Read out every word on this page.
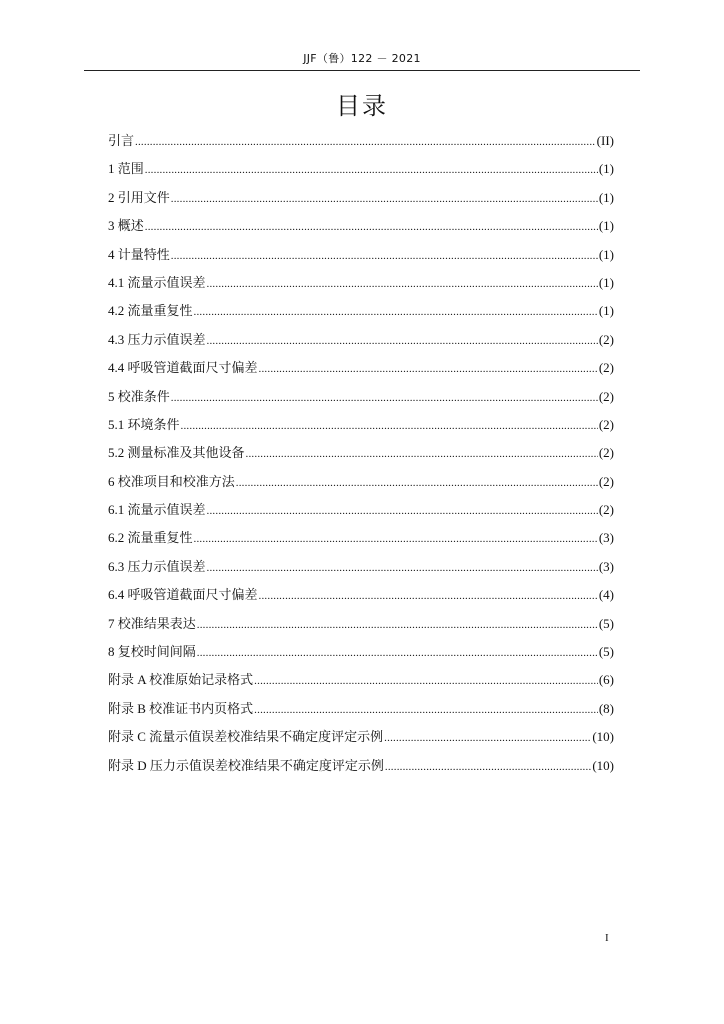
JJF（鲁）122 － 2021
目录
引言 .....	(II)
1 范围 .....	(1)
2 引用文件 .....	(1)
3 概述 .....	(1)
4 计量特性 .....	(1)
4.1 流量示值误差 .....	(1)
4.2 流量重复性 .....	(1)
4.3 压力示值误差 .....	(2)
4.4 呼吸管道截面尺寸偏差 .....	(2)
5 校准条件 .....	(2)
5.1 环境条件 .....	(2)
5.2 测量标准及其他设备 .....	(2)
6 校准项目和校准方法 .....	(2)
6.1 流量示值误差 .....	(2)
6.2 流量重复性 .....	(3)
6.3 压力示值误差 .....	(3)
6.4 呼吸管道截面尺寸偏差 .....	(4)
7 校准结果表达 .....	(5)
8 复校时间间隔 .....	(5)
附录 A 校准原始记录格式 .....	(6)
附录 B 校准证书内页格式 .....	(8)
附录 C 流量示值误差校准结果不确定度评定示例 .....	(10)
附录 D 压力示值误差校准结果不确定度评定示例 .....	(10)
I
